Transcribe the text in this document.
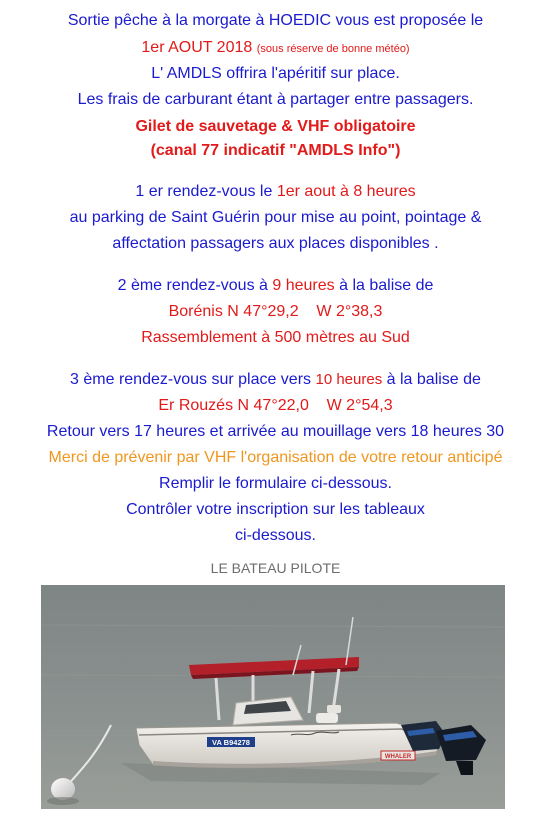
Sortie pêche à la morgate à HOEDIC vous est proposée le
1er AOUT 2018 (sous réserve de bonne météo)
L' AMDLS offrira l'apéritif sur place.
Les frais de carburant étant à partager entre passagers.
Gilet de sauvetage & VHF obligatoire
(canal 77 indicatif "AMDLS Info")
1 er rendez-vous le 1er aout à 8 heures
au parking de Saint Guérin pour mise au point, pointage &
affectation passagers aux places disponibles .
2 ème rendez-vous à 9 heures à la balise de
Borénis N 47°29,2    W 2°38,3
Rassemblement à 500 mètres au Sud
3 ème rendez-vous sur place vers 10 heures à la balise de
Er Rouzés N 47°22,0    W 2°54,3
Retour vers 17 heures et arrivée au mouillage vers 18 heures 30
Merci de prévenir par VHF l'organisation de votre retour anticipé
Remplir le formulaire ci-dessous.
Contrôler votre inscription sur les tableaux
ci-dessous.
LE BATEAU PILOTE
VA B94278
WHALER
